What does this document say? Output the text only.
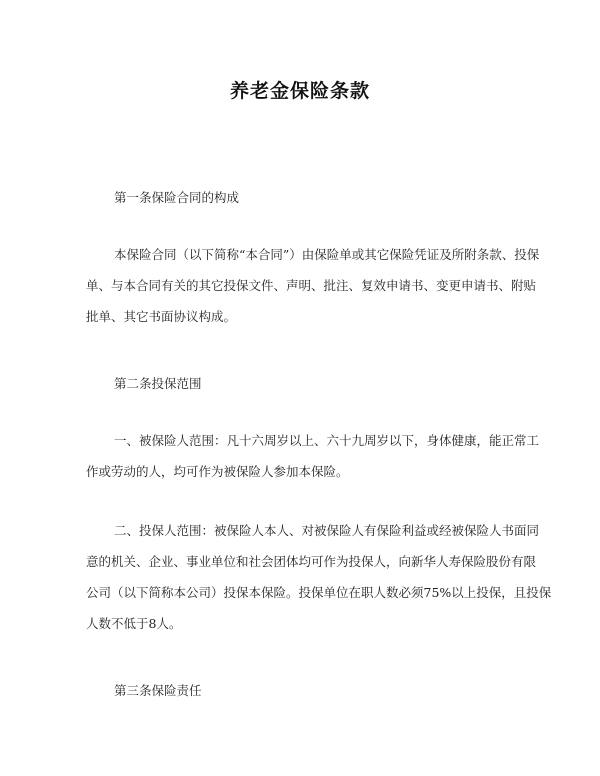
养老金保险条款
第一条保险合同的构成
本保险合同（以下简称“本合同”）由保险单或其它保险凭证及所附条款、投保
单、与本合同有关的其它投保文件、声明、批注、复效申请书、变更申请书、附贴
批单、其它书面协议构成。
第二条投保范围
一、被保险人范围：凡十六周岁以上、六十九周岁以下，身体健康，能正常工
作或劳动的人，均可作为被保险人参加本保险。
二、投保人范围：被保险人本人、对被保险人有保险利益或经被保险人书面同
意的机关、企业、事业单位和社会团体均可作为投保人，向新华人寿保险股份有限
公司（以下简称本公司）投保本保险。投保单位在职人数必须75%以上投保，且投保
人数不低于8人。
第三条保险责任
